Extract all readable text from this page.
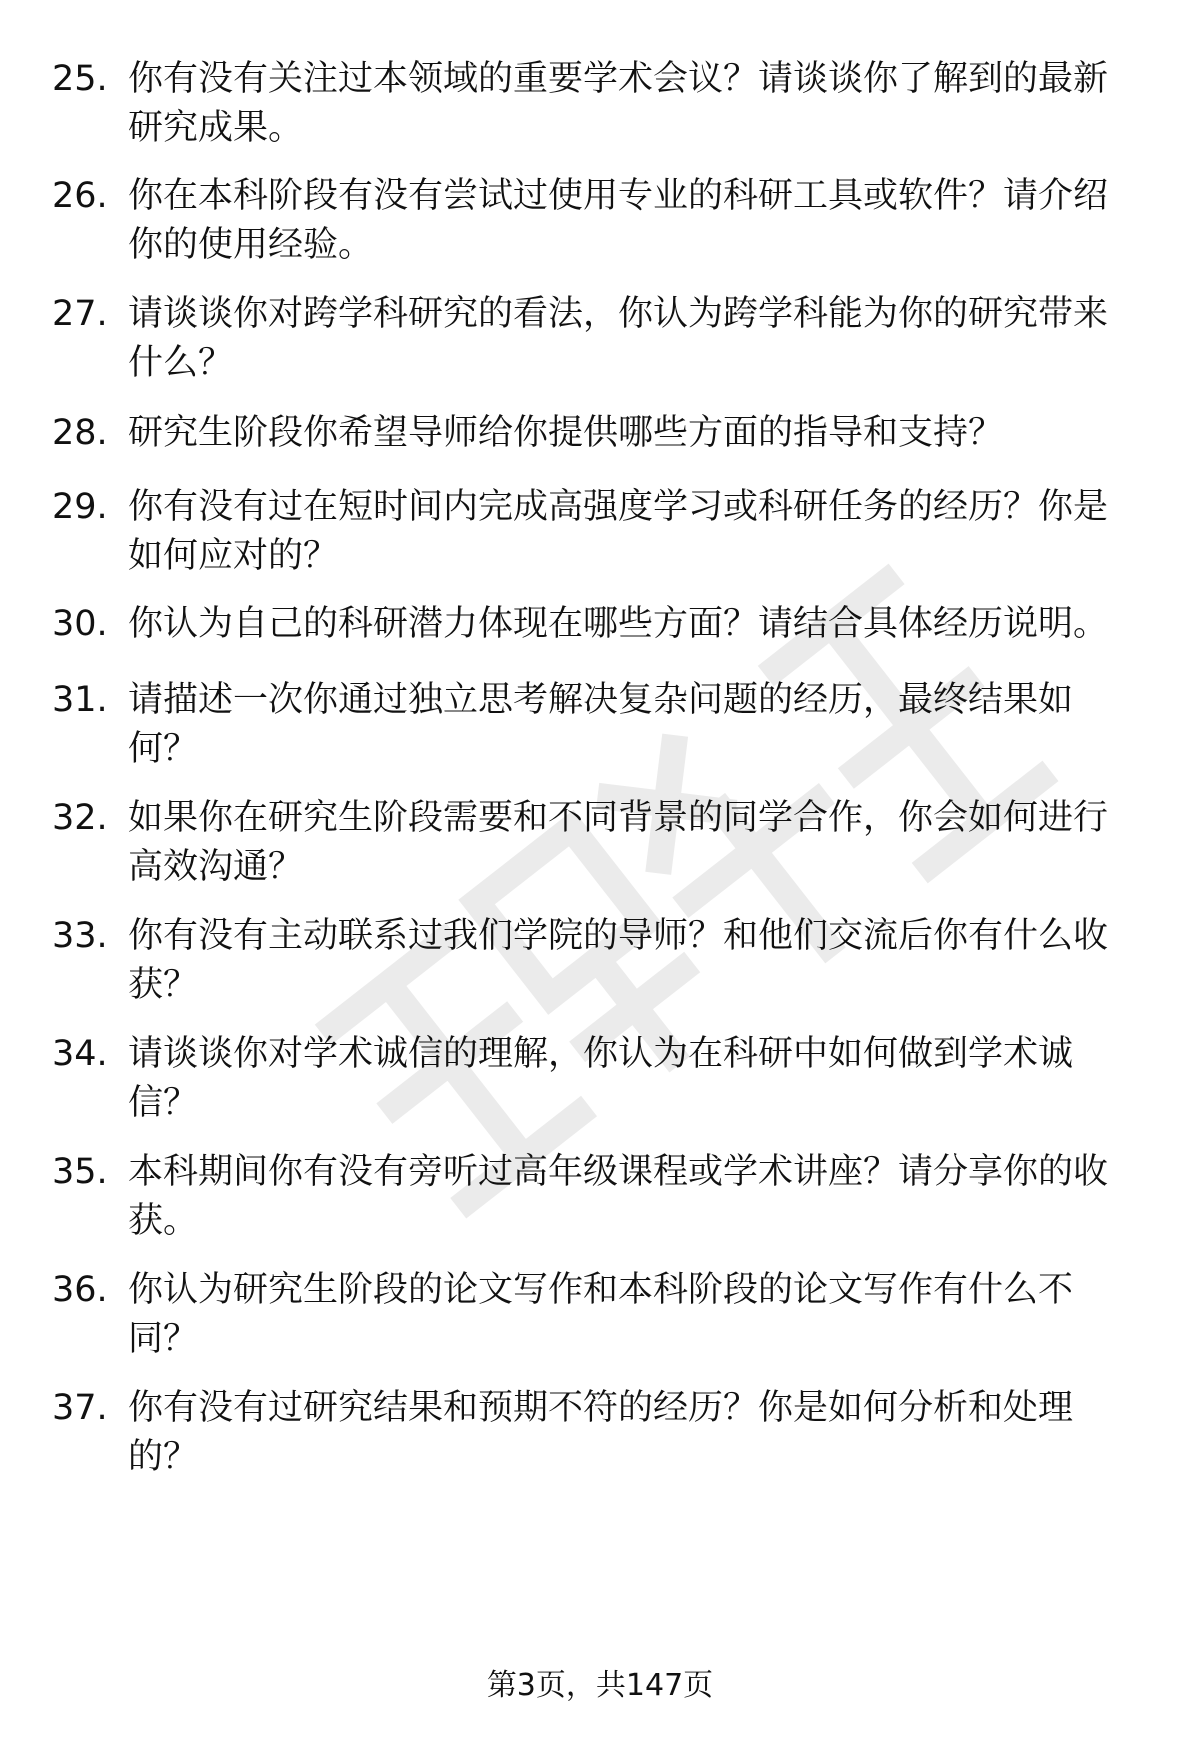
25. 你有没有关注过本领域的重要学术会议？请谈谈你了解到的最新
研究成果。
26. 你在本科阶段有没有尝试过使用专业的科研工具或软件？请介绍
你的使用经验。
27. 请谈谈你对跨学科研究的看法，你认为跨学科能为你的研究带来
什么？
28. 研究生阶段你希望导师给你提供哪些方面的指导和支持？
29. 你有没有过在短时间内完成高强度学习或科研任务的经历？你是
如何应对的？
30. 你认为自己的科研潜力体现在哪些方面？请结合具体经历说明。
31. 请描述一次你通过独立思考解决复杂问题的经历，最终结果如
何？
32. 如果你在研究生阶段需要和不同背景的同学合作，你会如何进行
高效沟通？
33. 你有没有主动联系过我们学院的导师？和他们交流后你有什么收
获？
34. 请谈谈你对学术诚信的理解，你认为在科研中如何做到学术诚
信？
35. 本科期间你有没有旁听过高年级课程或学术讲座？请分享你的收
获。
36. 你认为研究生阶段的论文写作和本科阶段的论文写作有什么不
同？
37. 你有没有过研究结果和预期不符的经历？你是如何分析和处理
的？
第3页，共147页
